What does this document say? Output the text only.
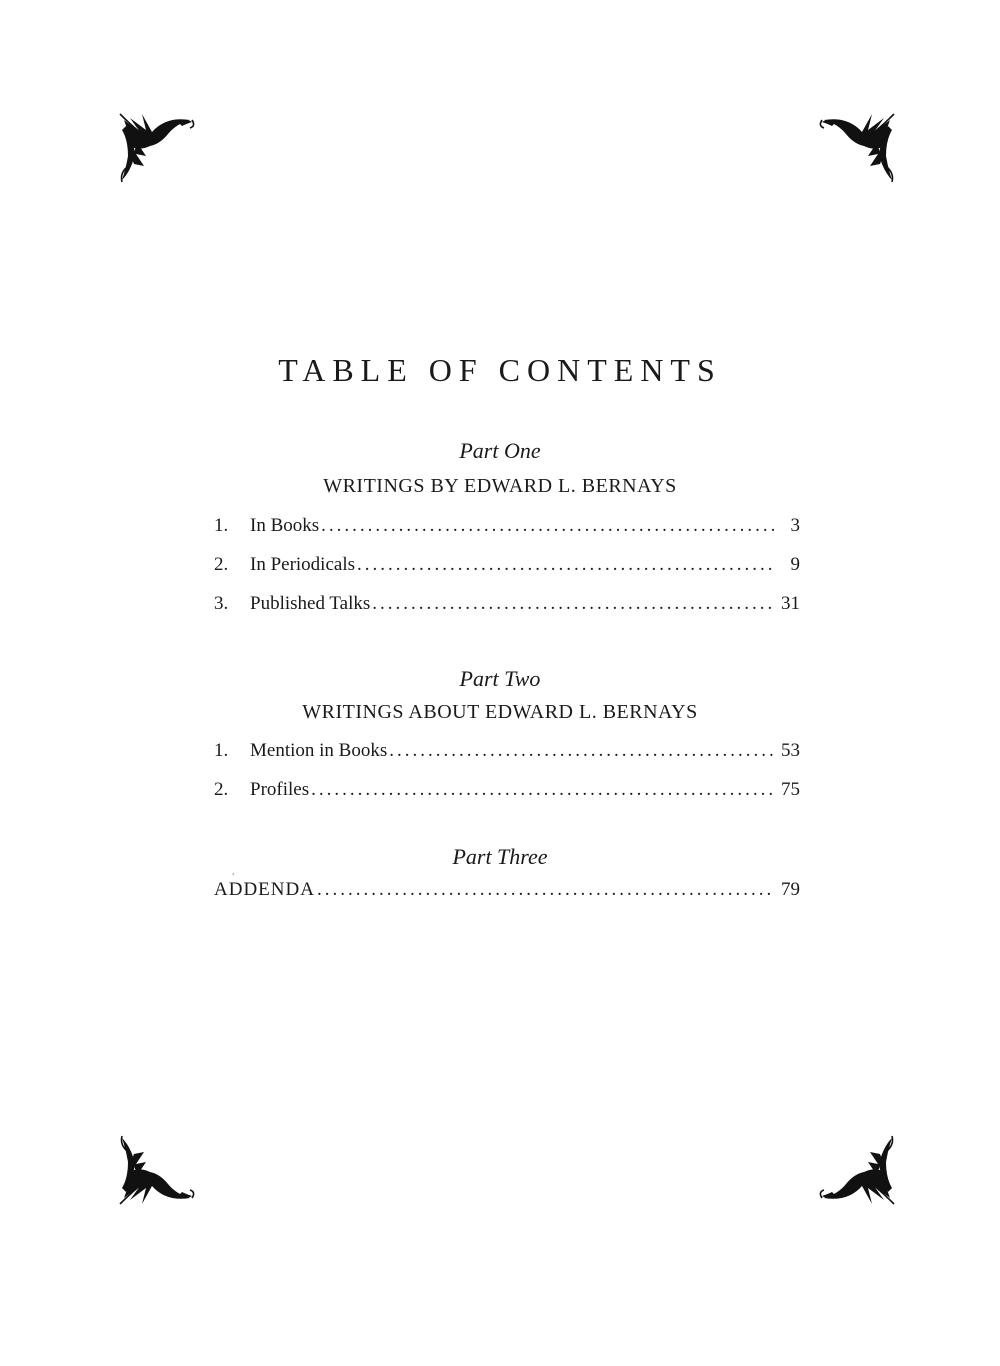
TABLE OF CONTENTS
Part One
WRITINGS BY EDWARD L. BERNAYS
1.	In Books .....	3
2.	In Periodicals .....	9
3.	Published Talks .....	31
Part Two
WRITINGS ABOUT EDWARD L. BERNAYS
1.	Mention in Books .....	53
2.	Profiles .....	75
Part Three
,
ADDENDA .....	79
